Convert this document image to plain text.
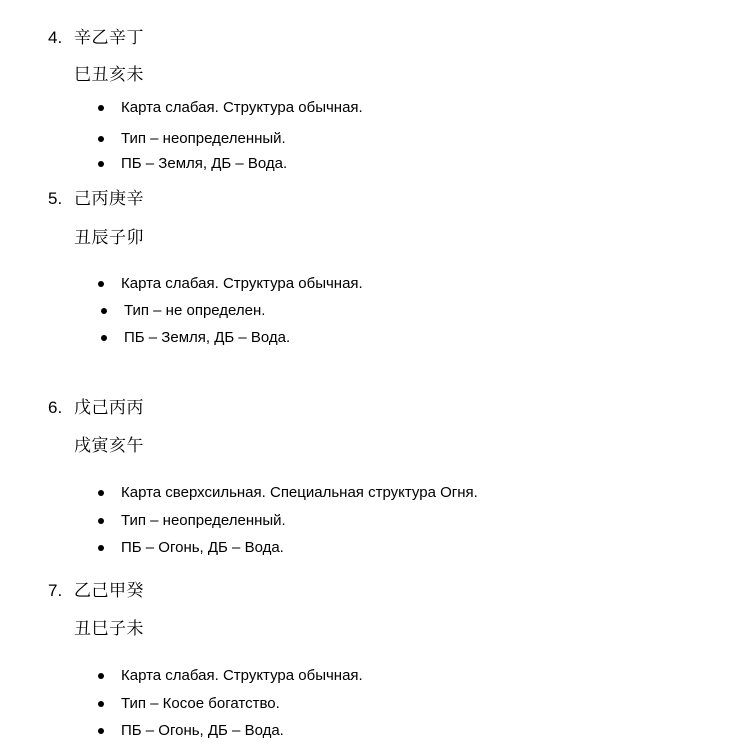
4. 辛乙辛丁
巳丑亥未
Карта слабая. Структура обычная.
Тип – неопределенный.
ПБ – Земля, ДБ – Вода.
5. 己丙庚辛
丑辰子卯
Карта слабая. Структура обычная.
Тип – не определен.
ПБ – Земля, ДБ – Вода.
6. 戊己丙丙
戌寅亥午
Карта сверхсильная. Специальная структура Огня.
Тип – неопределенный.
ПБ – Огонь, ДБ – Вода.
7. 乙己甲癸
丑巳子未
Карта слабая. Структура обычная.
Тип – Косое богатство.
ПБ – Огонь, ДБ – Вода.
